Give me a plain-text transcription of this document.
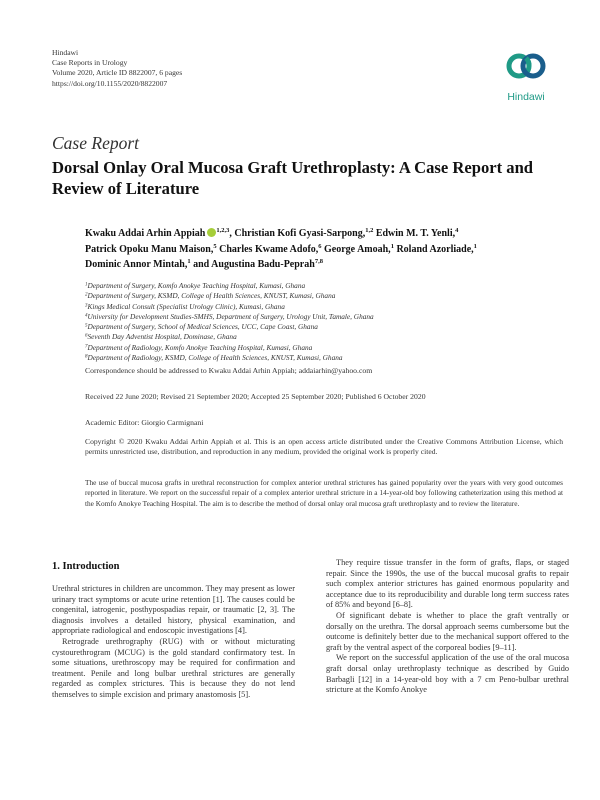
Hindawi
Case Reports in Urology
Volume 2020, Article ID 8822007, 6 pages
https://doi.org/10.1155/2020/8822007
Hindawi
Case Report
Dorsal Onlay Oral Mucosa Graft Urethroplasty: A Case Report and Review of Literature
Kwaku Addai Arhin Appiah $^{1,2,3}$, Christian Kofi Gyasi-Sarpong,$^{1,2}$ Edwin M. T. Yenli,$^4$
Patrick Opoku Manu Maison,$^5$ Charles Kwame Adofo,$^6$ George Amoah,$^1$ Roland Azorliade,$^1$
Dominic Annor Mintah,$^1$ and Augustina Badu-Peprah$^{7,8}$
$^1$Department of Surgery, Komfo Anokye Teaching Hospital, Kumasi, Ghana
$^2$Department of Surgery, KSMD, College of Health Sciences, KNUST, Kumasi, Ghana
$^3$Kings Medical Consult (Specialist Urology Clinic), Kumasi, Ghana
$^4$University for Development Studies-SMHS, Department of Surgery, Urology Unit, Tamale, Ghana
$^5$Department of Surgery, School of Medical Sciences, UCC, Cape Coast, Ghana
$^6$Seventh Day Adventist Hospital, Dominase, Ghana
$^7$Department of Radiology, Komfo Anokye Teaching Hospital, Kumasi, Ghana
$^8$Department of Radiology, KSMD, College of Health Sciences, KNUST, Kumasi, Ghana
Correspondence should be addressed to Kwaku Addai Arhin Appiah; addaiarhin@yahoo.com
Received 22 June 2020; Revised 21 September 2020; Accepted 25 September 2020; Published 6 October 2020
Academic Editor: Giorgio Carmignani
Copyright © 2020 Kwaku Addai Arhin Appiah et al. This is an open access article distributed under the Creative Commons Attribution License, which permits unrestricted use, distribution, and reproduction in any medium, provided the original work is properly cited.
The use of buccal mucosa grafts in urethral reconstruction for complex anterior urethral strictures has gained popularity over the years with very good outcomes reported in literature. We report on the successful repair of a complex anterior urethral stricture in a 14-year-old boy following catheterization using this method at the Komfo Anokye Teaching Hospital. The aim is to describe the method of dorsal onlay oral mucosa graft urethroplasty and to review the literature.
1. Introduction

Urethral strictures in children are uncommon. They may present as lower urinary tract symptoms or acute urine retention [1]. The causes could be congenital, iatrogenic, posthypospadias repair, or traumatic [2, 3]. The diagnosis involves a detailed history, physical examination, and appropriate radiological and endoscopic investigations [4].

Retrograde urethrography (RUG) with or without micturating cystourethrogram (MCUG) is the gold standard confirmatory test. In some situations, urethroscopy may be required for confirmation and treatment. Penile and long bulbar urethral strictures are generally regarded as complex strictures. This is because they do not lend themselves to simple excision and primary anastomosis [5].

They require tissue transfer in the form of grafts, flaps, or staged repair. Since the 1990s, the use of the buccal mucosal grafts to repair such complex anterior strictures has gained enormous popularity and acceptance due to its reproducibility and durable long term success rates of 85% and beyond [6–8].

Of significant debate is whether to place the graft ventrally or dorsally on the urethra. The dorsal approach seems cumbersome but the outcome is definitely better due to the mechanical support offered to the graft by the ventral aspect of the corporeal bodies [9–11].

We report on the successful application of the use of the oral mucosa graft dorsal onlay urethroplasty technique as described by Guido Barbagli [12] in a 14-year-old boy with a 7 cm Peno-bulbar urethral stricture at the Komfo Anokye
